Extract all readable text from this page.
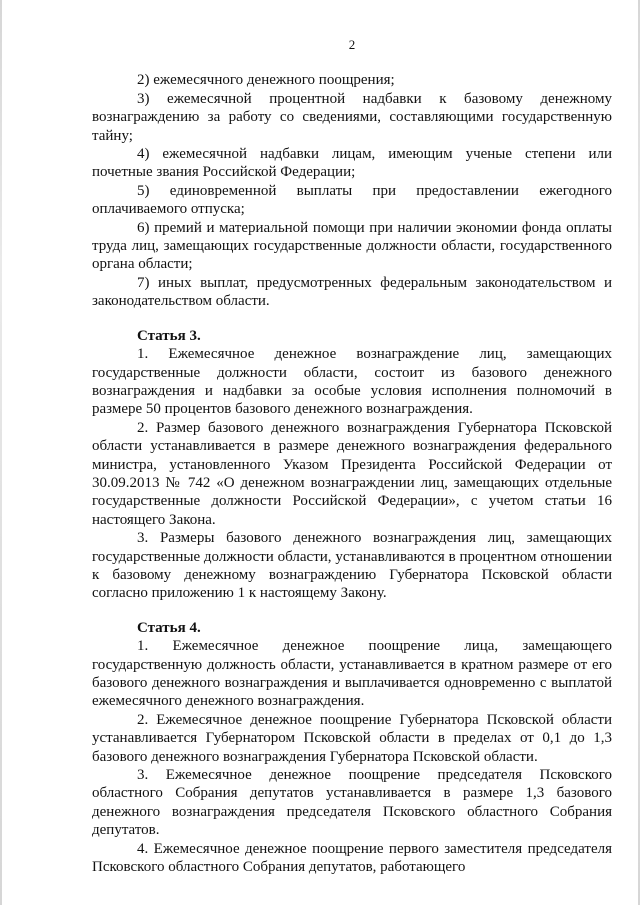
2

2) ежемесячного денежного поощрения;

3) ежемесячной процентной надбавки к базовому денежному вознаграждению за работу со сведениями, составляющими государственную тайну;

4) ежемесячной надбавки лицам, имеющим ученые степени или почетные звания Российской Федерации;

5) единовременной выплаты при предоставлении ежегодного оплачиваемого отпуска;

6) премий и материальной помощи при наличии экономии фонда оплаты труда лиц, замещающих государственные должности области, государственного органа области;

7) иных выплат, предусмотренных федеральным законодательством и законодательством области.

Статья 3.

1. Ежемесячное денежное вознаграждение лиц, замещающих государственные должности области, состоит из базового денежного вознаграждения и надбавки за особые условия исполнения полномочий в размере 50 процентов базового денежного вознаграждения.

2. Размер базового денежного вознаграждения Губернатора Псковской области устанавливается в размере денежного вознаграждения федерального министра, установленного Указом Президента Российской Федерации от 30.09.2013 № 742 «О денежном вознаграждении лиц, замещающих отдельные государственные должности Российской Федерации», с учетом статьи 16 настоящего Закона.

3. Размеры базового денежного вознаграждения лиц, замещающих государственные должности области, устанавливаются в процентном отношении к базовому денежному вознаграждению Губернатора Псковской области согласно приложению 1 к настоящему Закону.

Статья 4.

1. Ежемесячное денежное поощрение лица, замещающего государственную должность области, устанавливается в кратном размере от его базового денежного вознаграждения и выплачивается одновременно с выплатой ежемесячного денежного вознаграждения.

2. Ежемесячное денежное поощрение Губернатора Псковской области устанавливается Губернатором Псковской области в пределах от 0,1 до 1,3 базового денежного вознаграждения Губернатора Псковской области.

3. Ежемесячное денежное поощрение председателя Псковского областного Собрания депутатов устанавливается в размере 1,3 базового денежного вознаграждения председателя Псковского областного Собрания депутатов.

4. Ежемесячное денежное поощрение первого заместителя председателя Псковского областного Собрания депутатов, работающего
